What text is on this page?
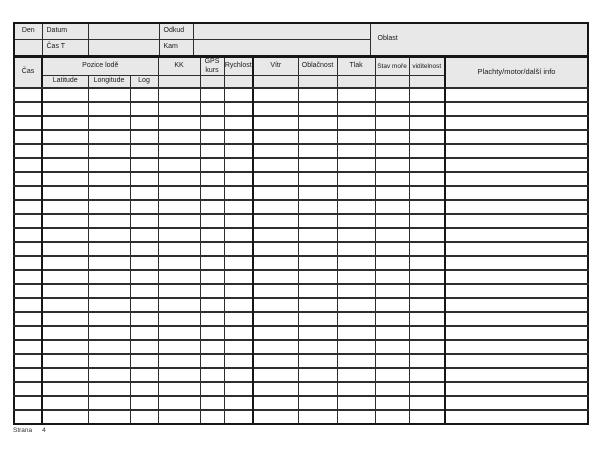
Den	Datum		Odkud		Oblast
	Čas T		Kam		
Čas	Pozice lodě			KK	GPS kurs	Rychlost	Vítr	Oblačnost	Tlak	Stav moře	viditelnost	Plachty/motor/další info
	Latitude	Longitude	Log									

Strana 4
